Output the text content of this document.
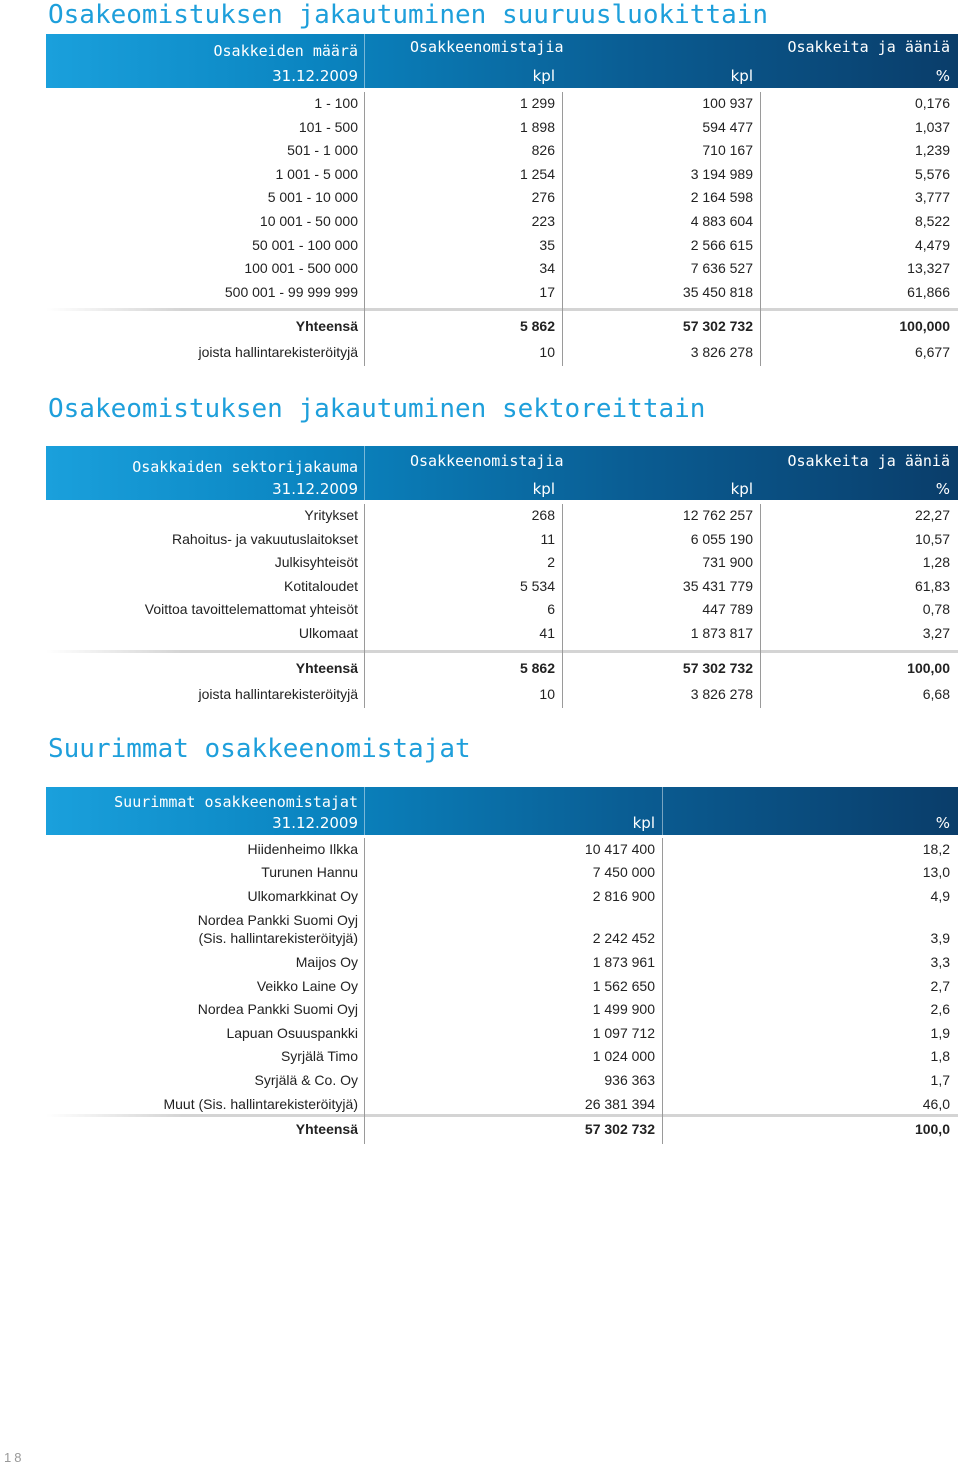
Osakeomistuksen jakautuminen suuruusluokittain
Osakkeiden määrä
31.12.2009
Osakkeenomistajia	Osakkeita ja ääniä
kpl	kpl	%
1 - 100	1 299	100 937	0,176
101 - 500	1 898	594 477	1,037
501 - 1 000	826	710 167	1,239
1 001 - 5 000	1 254	3 194 989	5,576
5 001 - 10 000	276	2 164 598	3,777
10 001 - 50 000	223	4 883 604	8,522
50 001 - 100 000	35	2 566 615	4,479
100 001 - 500 000	34	7 636 527	13,327
500 001 - 99 999 999	17	35 450 818	61,866
Yhteensä	5 862	57 302 732	100,000
joista hallintarekisteröityjä	10	3 826 278	6,677
Osakeomistuksen jakautuminen sektoreittain
Osakkaiden sektorijakauma
31.12.2009
Osakkeenomistajia	Osakkeita ja ääniä
kpl	kpl	%
Yritykset	268	12 762 257	22,27
Rahoitus- ja vakuutuslaitokset	11	6 055 190	10,57
Julkisyhteisöt	2	731 900	1,28
Kotitaloudet	5 534	35 431 779	61,83
Voittoa tavoittelemattomat yhteisöt	6	447 789	0,78
Ulkomaat	41	1 873 817	3,27
Yhteensä	5 862	57 302 732	100,00
joista hallintarekisteröityjä	10	3 826 278	6,68
Suurimmat osakkeenomistajat
Suurimmat osakkeenomistajat
31.12.2009	kpl	%
Hiidenheimo Ilkka	10 417 400	18,2
Turunen Hannu	7 450 000	13,0
Ulkomarkkinat Oy	2 816 900	4,9
Nordea Pankki Suomi Oyj
(Sis. hallintarekisteröityjä)	2 242 452	3,9
Maijos Oy	1 873 961	3,3
Veikko Laine Oy	1 562 650	2,7
Nordea Pankki Suomi Oyj	1 499 900	2,6
Lapuan Osuuspankki	1 097 712	1,9
Syrjälä Timo	1 024 000	1,8
Syrjälä & Co. Oy	936 363	1,7
Muut (Sis. hallintarekisteröityjä)	26 381 394	46,0
Yhteensä	57 302 732	100,0
18
